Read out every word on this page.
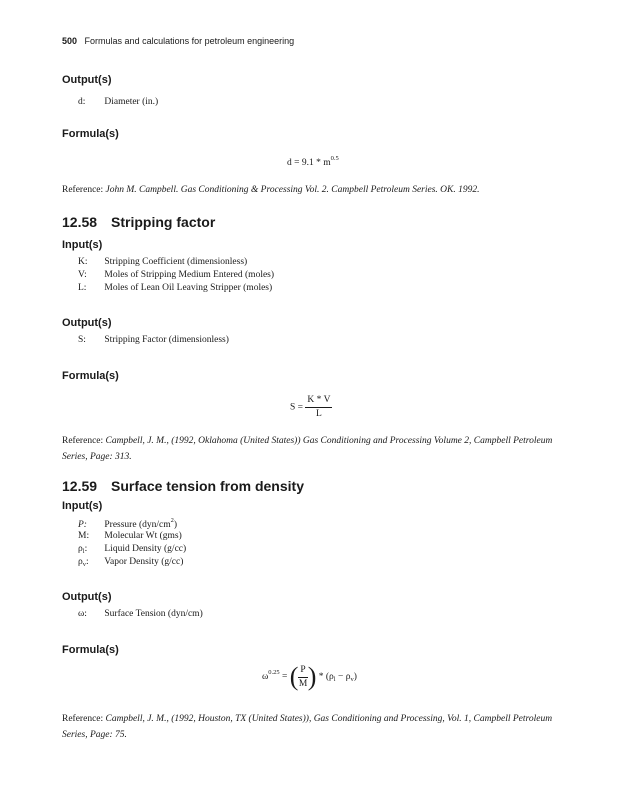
500 Formulas and calculations for petroleum engineering
Output(s)
d: Diameter (in.)
Formula(s)
$d = 9.1 * m^{0.5}$
Reference: John M. Campbell. Gas Conditioning & Processing Vol. 2. Campbell Petroleum Series. OK. 1992.
12.58 Stripping factor
Input(s)
K: Stripping Coefficient (dimensionless)
V: Moles of Stripping Medium Entered (moles)
L: Moles of Lean Oil Leaving Stripper (moles)
Output(s)
S: Stripping Factor (dimensionless)
Formula(s)
$S = \frac{K * V}{L}$
Reference: Campbell, J. M., (1992, Oklahoma (United States)) Gas Conditioning and Processing Volume 2, Campbell Petroleum Series, Page: 313.
12.59 Surface tension from density
Input(s)
P: Pressure $(dyn/cm^2)$
M: Molecular Wt (gms)
$\rho_l$: Liquid Density (g/cc)
$\rho_v$: Vapor Density (g/cc)
Output(s)
ω: Surface Tension (dyn/cm)
Formula(s)
$\omega^{0.25}$ = ( $\frac{P}{M}$ ) * $(\rho_l - \rho_v)$
Reference: Campbell, J. M., (1992, Houston, TX (United States)), Gas Conditioning and Processing, Vol. 1, Campbell Petroleum Series, Page: 75.
